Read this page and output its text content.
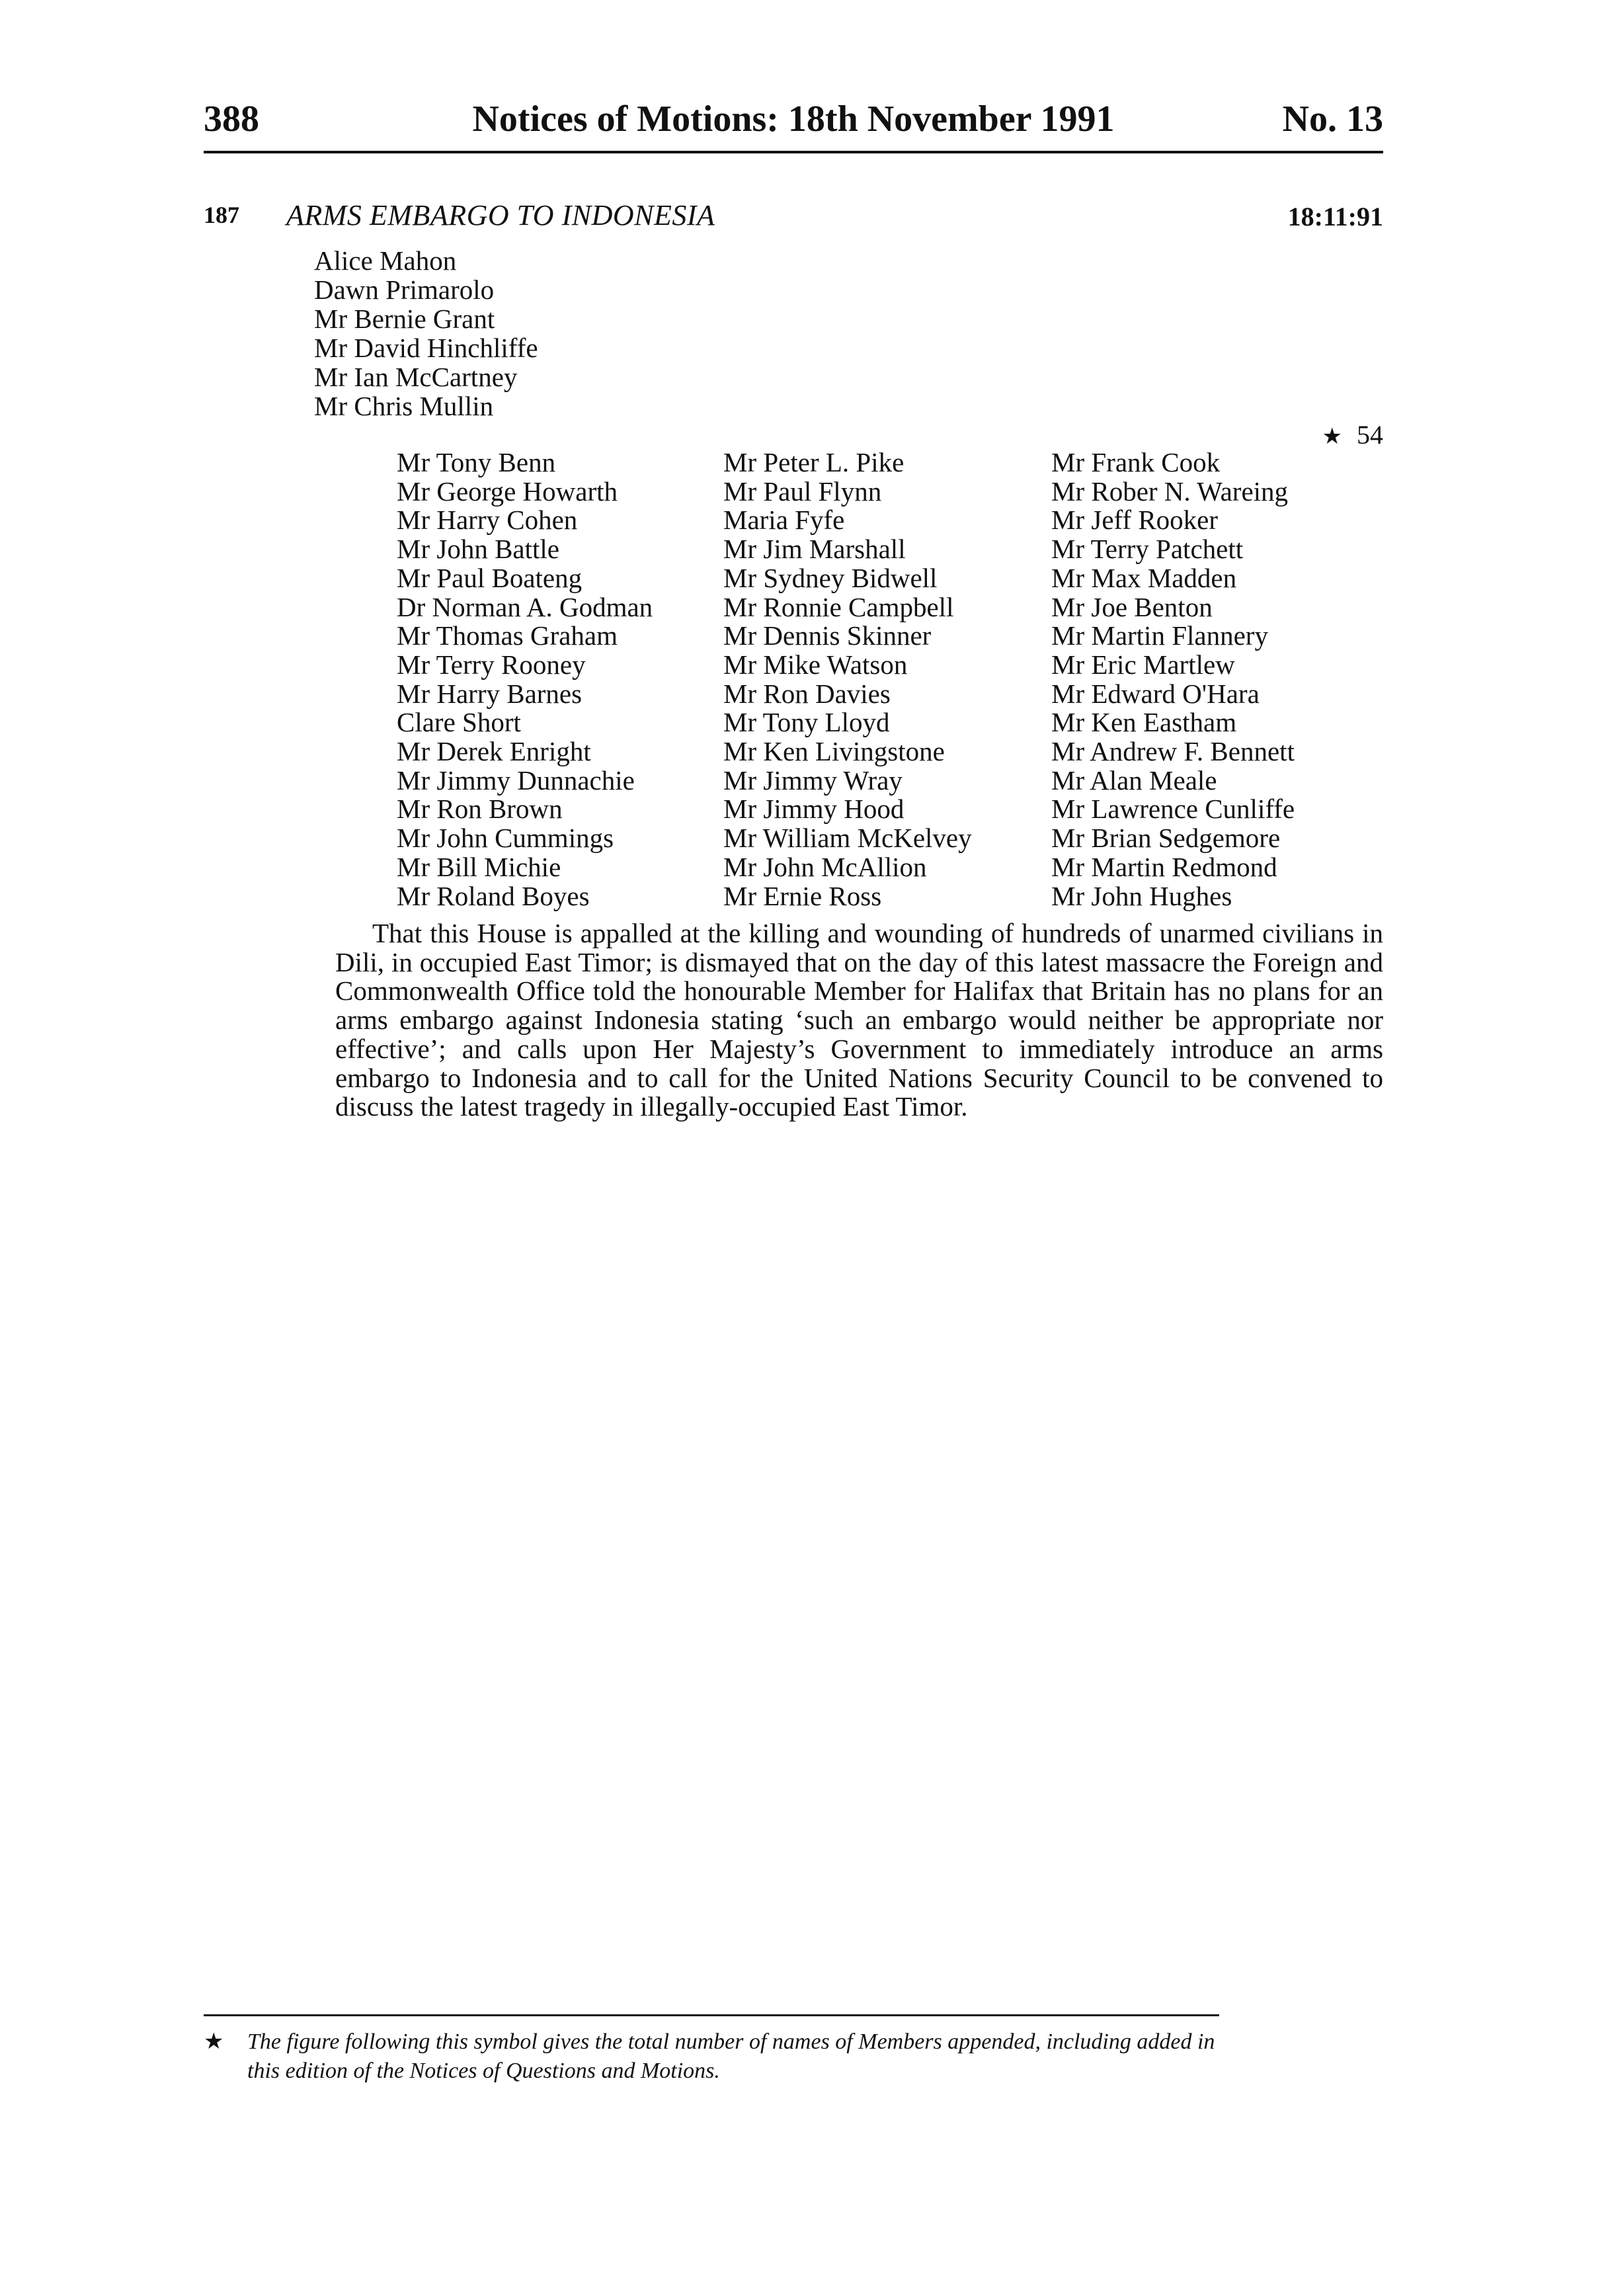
388	Notices of Motions: 18th November 1991	No. 13
187 ARMS EMBARGO TO INDONESIA	18:11:91
Alice Mahon
Dawn Primarolo
Mr Bernie Grant
Mr David Hinchliffe
Mr Ian McCartney
Mr Chris Mullin
★ 54
Mr Tony Benn
Mr George Howarth
Mr Harry Cohen
Mr John Battle
Mr Paul Boateng
Dr Norman A. Godman
Mr Thomas Graham
Mr Terry Rooney
Mr Harry Barnes
Clare Short
Mr Derek Enright
Mr Jimmy Dunnachie
Mr Ron Brown
Mr John Cummings
Mr Bill Michie
Mr Roland Boyes
Mr Peter L. Pike
Mr Paul Flynn
Maria Fyfe
Mr Jim Marshall
Mr Sydney Bidwell
Mr Ronnie Campbell
Mr Dennis Skinner
Mr Mike Watson
Mr Ron Davies
Mr Tony Lloyd
Mr Ken Livingstone
Mr Jimmy Wray
Mr Jimmy Hood
Mr William McKelvey
Mr John McAllion
Mr Ernie Ross
Mr Frank Cook
Mr Rober N. Wareing
Mr Jeff Rooker
Mr Terry Patchett
Mr Max Madden
Mr Joe Benton
Mr Martin Flannery
Mr Eric Martlew
Mr Edward O'Hara
Mr Ken Eastham
Mr Andrew F. Bennett
Mr Alan Meale
Mr Lawrence Cunliffe
Mr Brian Sedgemore
Mr Martin Redmond
Mr John Hughes
That this House is appalled at the killing and wounding of hundreds of unarmed civilians in Dili, in occupied East Timor; is dismayed that on the day of this latest massacre the Foreign and Commonwealth Office told the honourable Member for Halifax that Britain has no plans for an arms embargo against Indonesia stating ‘such an embargo would neither be appropriate nor effective’; and calls upon Her Majesty’s Government to immediately introduce an arms embargo to Indonesia and to call for the United Nations Security Council to be convened to discuss the latest tragedy in illegally-occupied East Timor.
★ The figure following this symbol gives the total number of names of Members appended, including added in this edition of the Notices of Questions and Motions.
